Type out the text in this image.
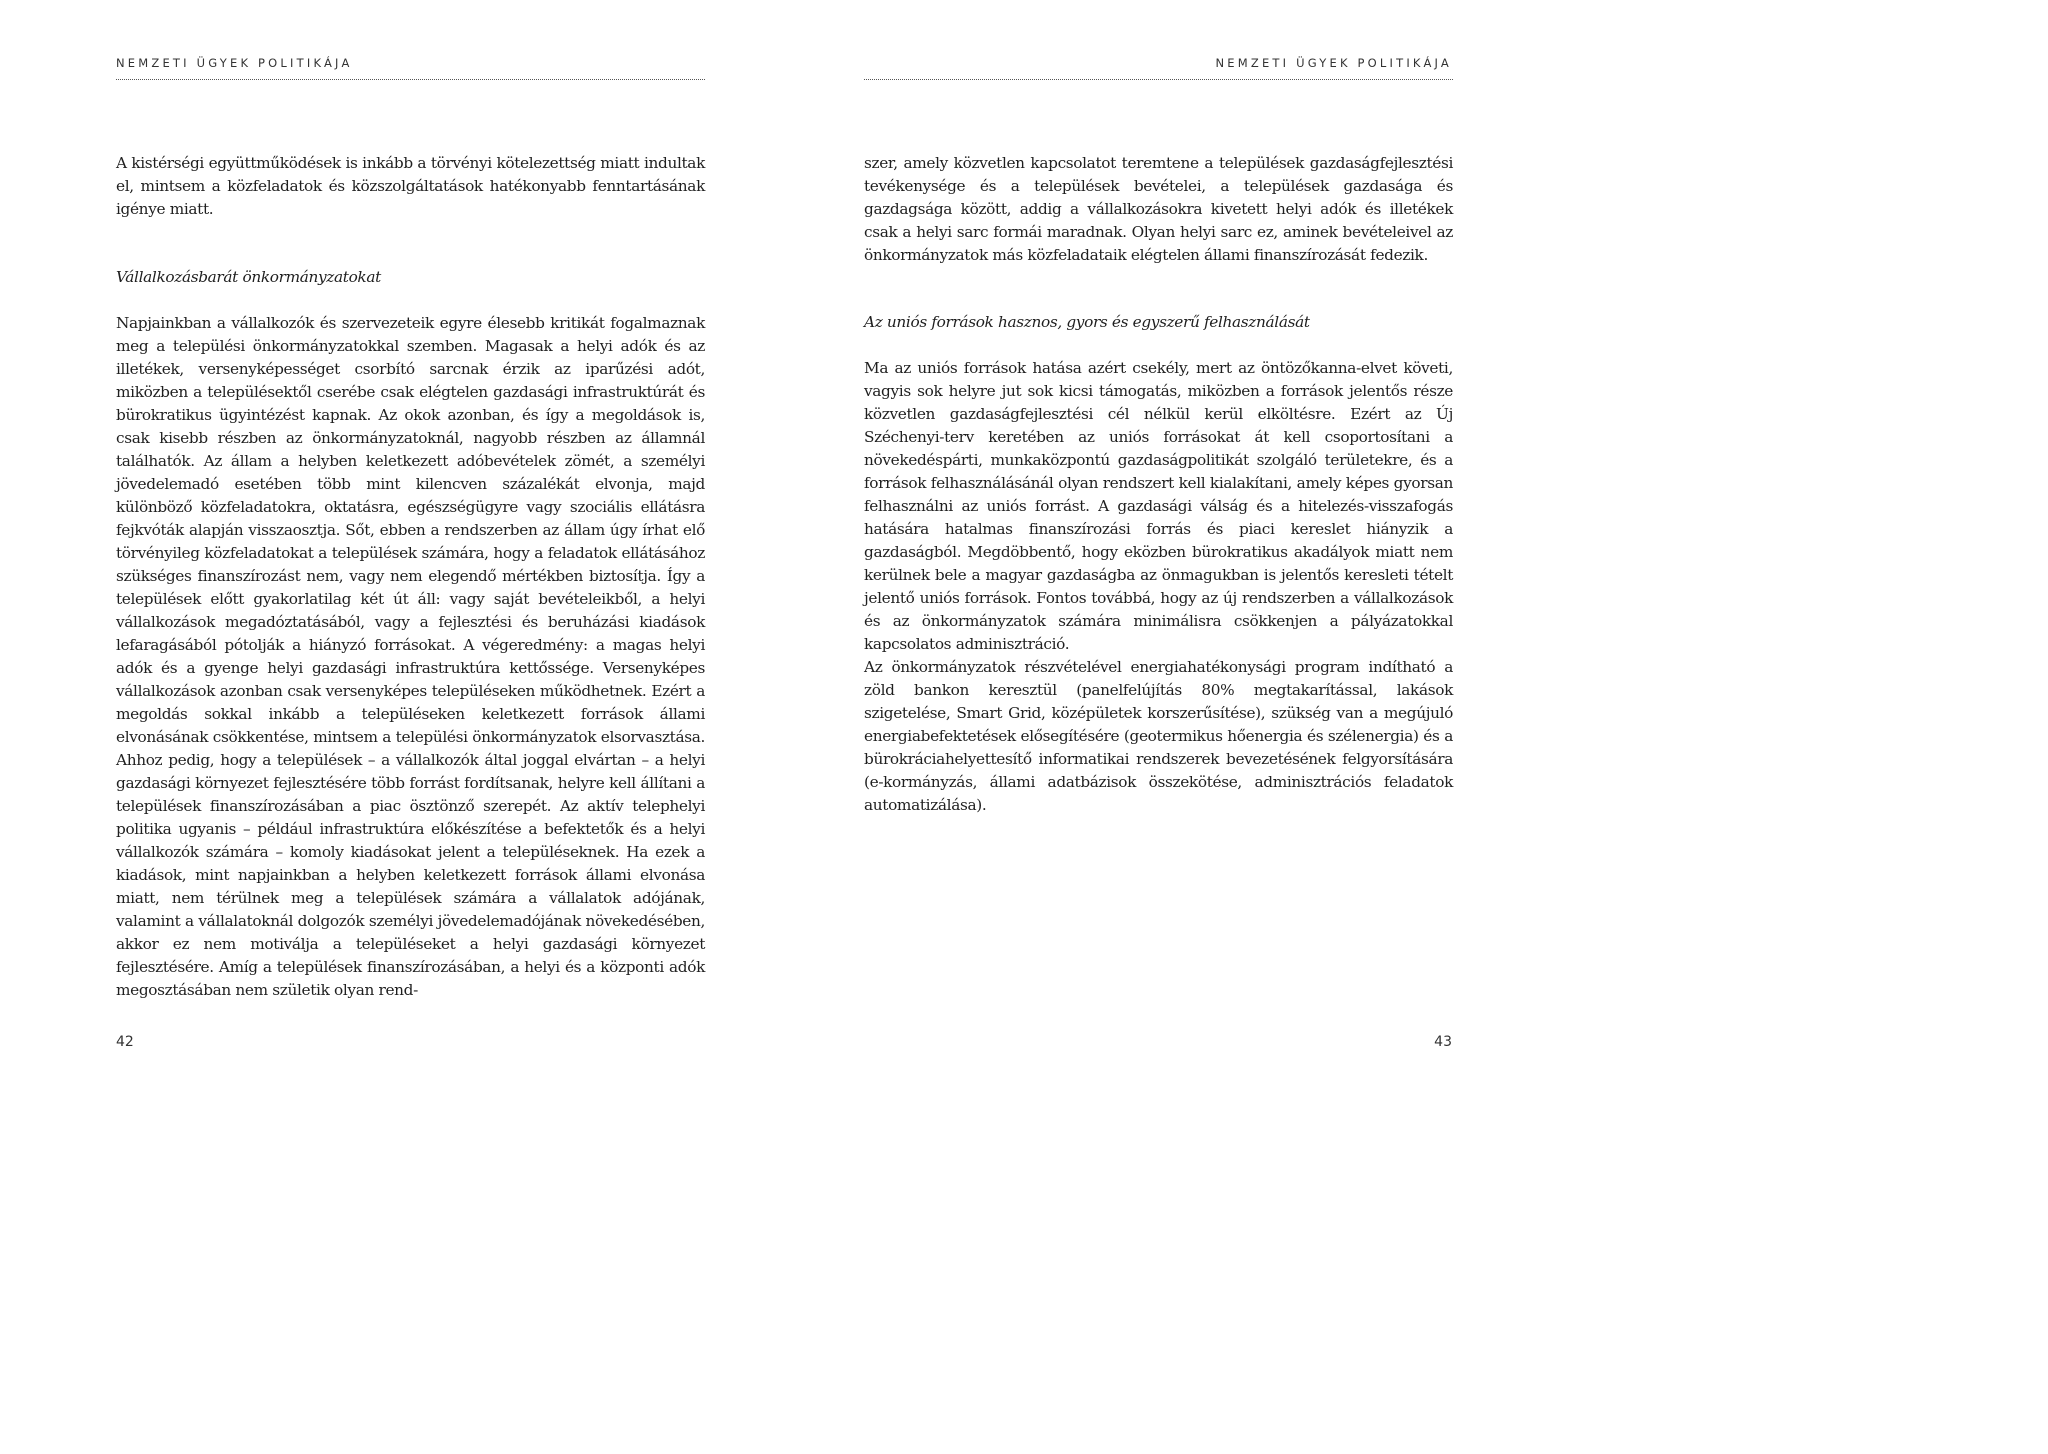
NEMZETI ÜGYEK POLITIKÁJA
A kistérségi együttműködések is inkább a törvényi kötelezettség miatt indultak el, mintsem a közfeladatok és közszolgáltatások hatékonyabb fenntartásának igénye miatt.
Vállalkozásbarát önkormányzatokat
Napjainkban a vállalkozók és szervezeteik egyre élesebb kritikát fogalmaznak meg a települési önkormányzatokkal szemben. Magasak a helyi adók és az illetékek, versenyképességet csorbító sarcnak érzik az iparűzési adót, miközben a településektől cserébe csak elégtelen gazdasági infrastruktúrát és bürokratikus ügyintézést kapnak. Az okok azonban, és így a megoldások is, csak kisebb részben az önkormányzatoknál, nagyobb részben az államnál találhatók. Az állam a helyben keletkezett adóbevételek zömét, a személyi jövedelemadó esetében több mint kilencven százalékát elvonja, majd különböző közfeladatokra, oktatásra, egészségügyre vagy szociális ellátásra fejkvóták alapján visszaosztja. Sőt, ebben a rendszerben az állam úgy írhat elő törvényileg közfeladatokat a települések számára, hogy a feladatok ellátásához szükséges finanszírozást nem, vagy nem elegendő mértékben biztosítja. Így a települések előtt gyakorlatilag két út áll: vagy saját bevételeikből, a helyi vállalkozások megadóztatásából, vagy a fejlesztési és beruházási kiadások lefaragásából pótolják a hiányzó forrásokat. A végeredmény: a magas helyi adók és a gyenge helyi gazdasági infrastruktúra kettőssége. Versenyképes vállalkozások azonban csak versenyképes településeken működhetnek. Ezért a megoldás sokkal inkább a településeken keletkezett források állami elvonásának csökkentése, mintsem a települési önkormányzatok elsorvasztása. Ahhoz pedig, hogy a települések – a vállalkozók által joggal elvártan – a helyi gazdasági környezet fejlesztésére több forrást fordítsanak, helyre kell állítani a települések finanszírozásában a piac ösztönző szerepét. Az aktív telephelyi politika ugyanis – például infrastruktúra előkészítése a befektetők és a helyi vállalkozók számára – komoly kiadásokat jelent a településeknek. Ha ezek a kiadások, mint napjainkban a helyben keletkezett források állami elvonása miatt, nem térülnek meg a települések számára a vállalatok adójának, valamint a vállalatoknál dolgozók személyi jövedelemadójának növekedésében, akkor ez nem motiválja a településeket a helyi gazdasági környezet fejlesztésére. Amíg a települések finanszírozásában, a helyi és a központi adók megosztásában nem születik olyan rend-
42
NEMZETI ÜGYEK POLITIKÁJA
szer, amely közvetlen kapcsolatot teremtene a települések gazdaságfejlesztési tevékenysége és a települések bevételei, a települések gazdasága és gazdagsága között, addig a vállalkozásokra kivetett helyi adók és illetékek csak a helyi sarc formái maradnak. Olyan helyi sarc ez, aminek bevételeivel az önkormányzatok más közfeladataik elégtelen állami finanszírozását fedezik.
Az uniós források hasznos, gyors és egyszerű felhasználását
Ma az uniós források hatása azért csekély, mert az öntözőkanna-elvet követi, vagyis sok helyre jut sok kicsi támogatás, miközben a források jelentős része közvetlen gazdaságfejlesztési cél nélkül kerül elköltésre. Ezért az Új Széchenyi-terv keretében az uniós forrásokat át kell csoportosítani a növekedéspárti, munkaközpontú gazdaságpolitikát szolgáló területekre, és a források felhasználásánál olyan rendszert kell kialakítani, amely képes gyorsan felhasználni az uniós forrást. A gazdasági válság és a hitelezés-visszafogás hatására hatalmas finanszírozási forrás és piaci kereslet hiányzik a gazdaságból. Megdöbbentő, hogy eközben bürokratikus akadályok miatt nem kerülnek bele a magyar gazdaságba az önmagukban is jelentős keresleti tételt jelentő uniós források. Fontos továbbá, hogy az új rendszerben a vállalkozások és az önkormányzatok számára minimálisra csökkenjen a pályázatokkal kapcsolatos adminisztráció.
Az önkormányzatok részvételével energiahatékonysági program indítható a zöld bankon keresztül (panelfelújítás 80% megtakarítással, lakások szigetelése, Smart Grid, középületek korszerűsítése), szükség van a megújuló energiabefektetések elősegítésére (geotermikus hőenergia és szélenergia) és a bürokráciahelyettesítő informatikai rendszerek bevezetésének felgyorsítására (e-kormányzás, állami adatbázisok összekötése, adminisztrációs feladatok automatizálása).
43
